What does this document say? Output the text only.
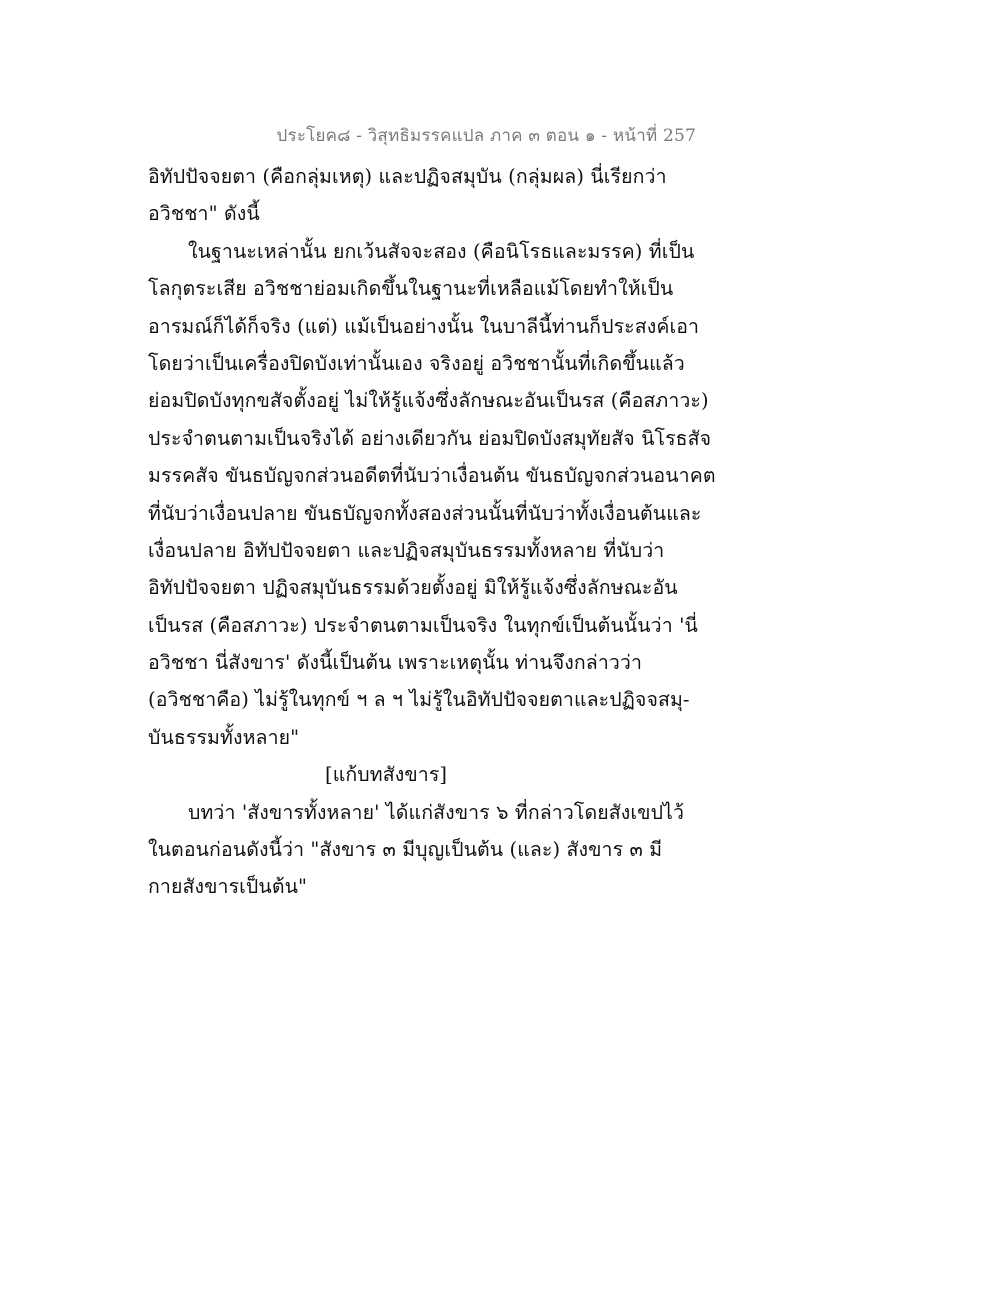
ประโยค๘ - วิสุทธิมรรคแปล ภาค ๓ ตอน ๑ - หน้าที่ 257
อิทัปปัจจยตา (คือกลุ่มเหตุ) และปฏิจสมุบัน (กลุ่มผล) นี่เรียกว่า
อวิชชา" ดังนี้
ในฐานะเหล่านั้น ยกเว้นสัจจะสอง (คือนิโรธและมรรค) ที่เป็น
โลกุตระเสีย อวิชชาย่อมเกิดขึ้นในฐานะที่เหลือแม้โดยทำให้เป็น
อารมณ์ก็ได้ก็จริง (แต่) แม้เป็นอย่างนั้น ในบาลีนี้ท่านก็ประสงค์เอา
โดยว่าเป็นเครื่องปิดบังเท่านั้นเอง จริงอยู่ อวิชชานั้นที่เกิดขึ้นแล้ว
ย่อมปิดบังทุกขสัจตั้งอยู่ ไม่ให้รู้แจ้งซึ่งลักษณะอันเป็นรส (คือสภาวะ)
ประจำตนตามเป็นจริงได้ อย่างเดียวกัน ย่อมปิดบังสมุทัยสัจ นิโรธสัจ
มรรคสัจ ขันธบัญจกส่วนอดีตที่นับว่าเงื่อนต้น ขันธบัญจกส่วนอนาคต
ที่นับว่าเงื่อนปลาย ขันธบัญจกทั้งสองส่วนนั้นที่นับว่าทั้งเงื่อนต้นและ
เงื่อนปลาย อิทัปปัจจยตา และปฏิจสมุบันธรรมทั้งหลาย ที่นับว่า
อิทัปปัจจยตา ปฏิจสมุบันธรรมด้วยตั้งอยู่ มิให้รู้แจ้งซึ่งลักษณะอัน
เป็นรส (คือสภาวะ) ประจำตนตามเป็นจริง ในทุกข์เป็นต้นนั้นว่า 'นี่
อวิชชา นี่สังขาร' ดังนี้เป็นต้น เพราะเหตุนั้น ท่านจึงกล่าวว่า
(อวิชชาคือ) ไม่รู้ในทุกข์ ฯ ล ฯ ไม่รู้ในอิทัปปัจจยตาและปฏิจจสมุ-
บันธรรมทั้งหลาย"
[แก้บทสังขาร]
บทว่า 'สังขารทั้งหลาย' ได้แก่สังขาร ๖ ที่กล่าวโดยสังเขปไว้
ในตอนก่อนดังนี้ว่า "สังขาร ๓ มีบุญเป็นต้น (และ) สังขาร ๓ มี
กายสังขารเป็นต้น"
